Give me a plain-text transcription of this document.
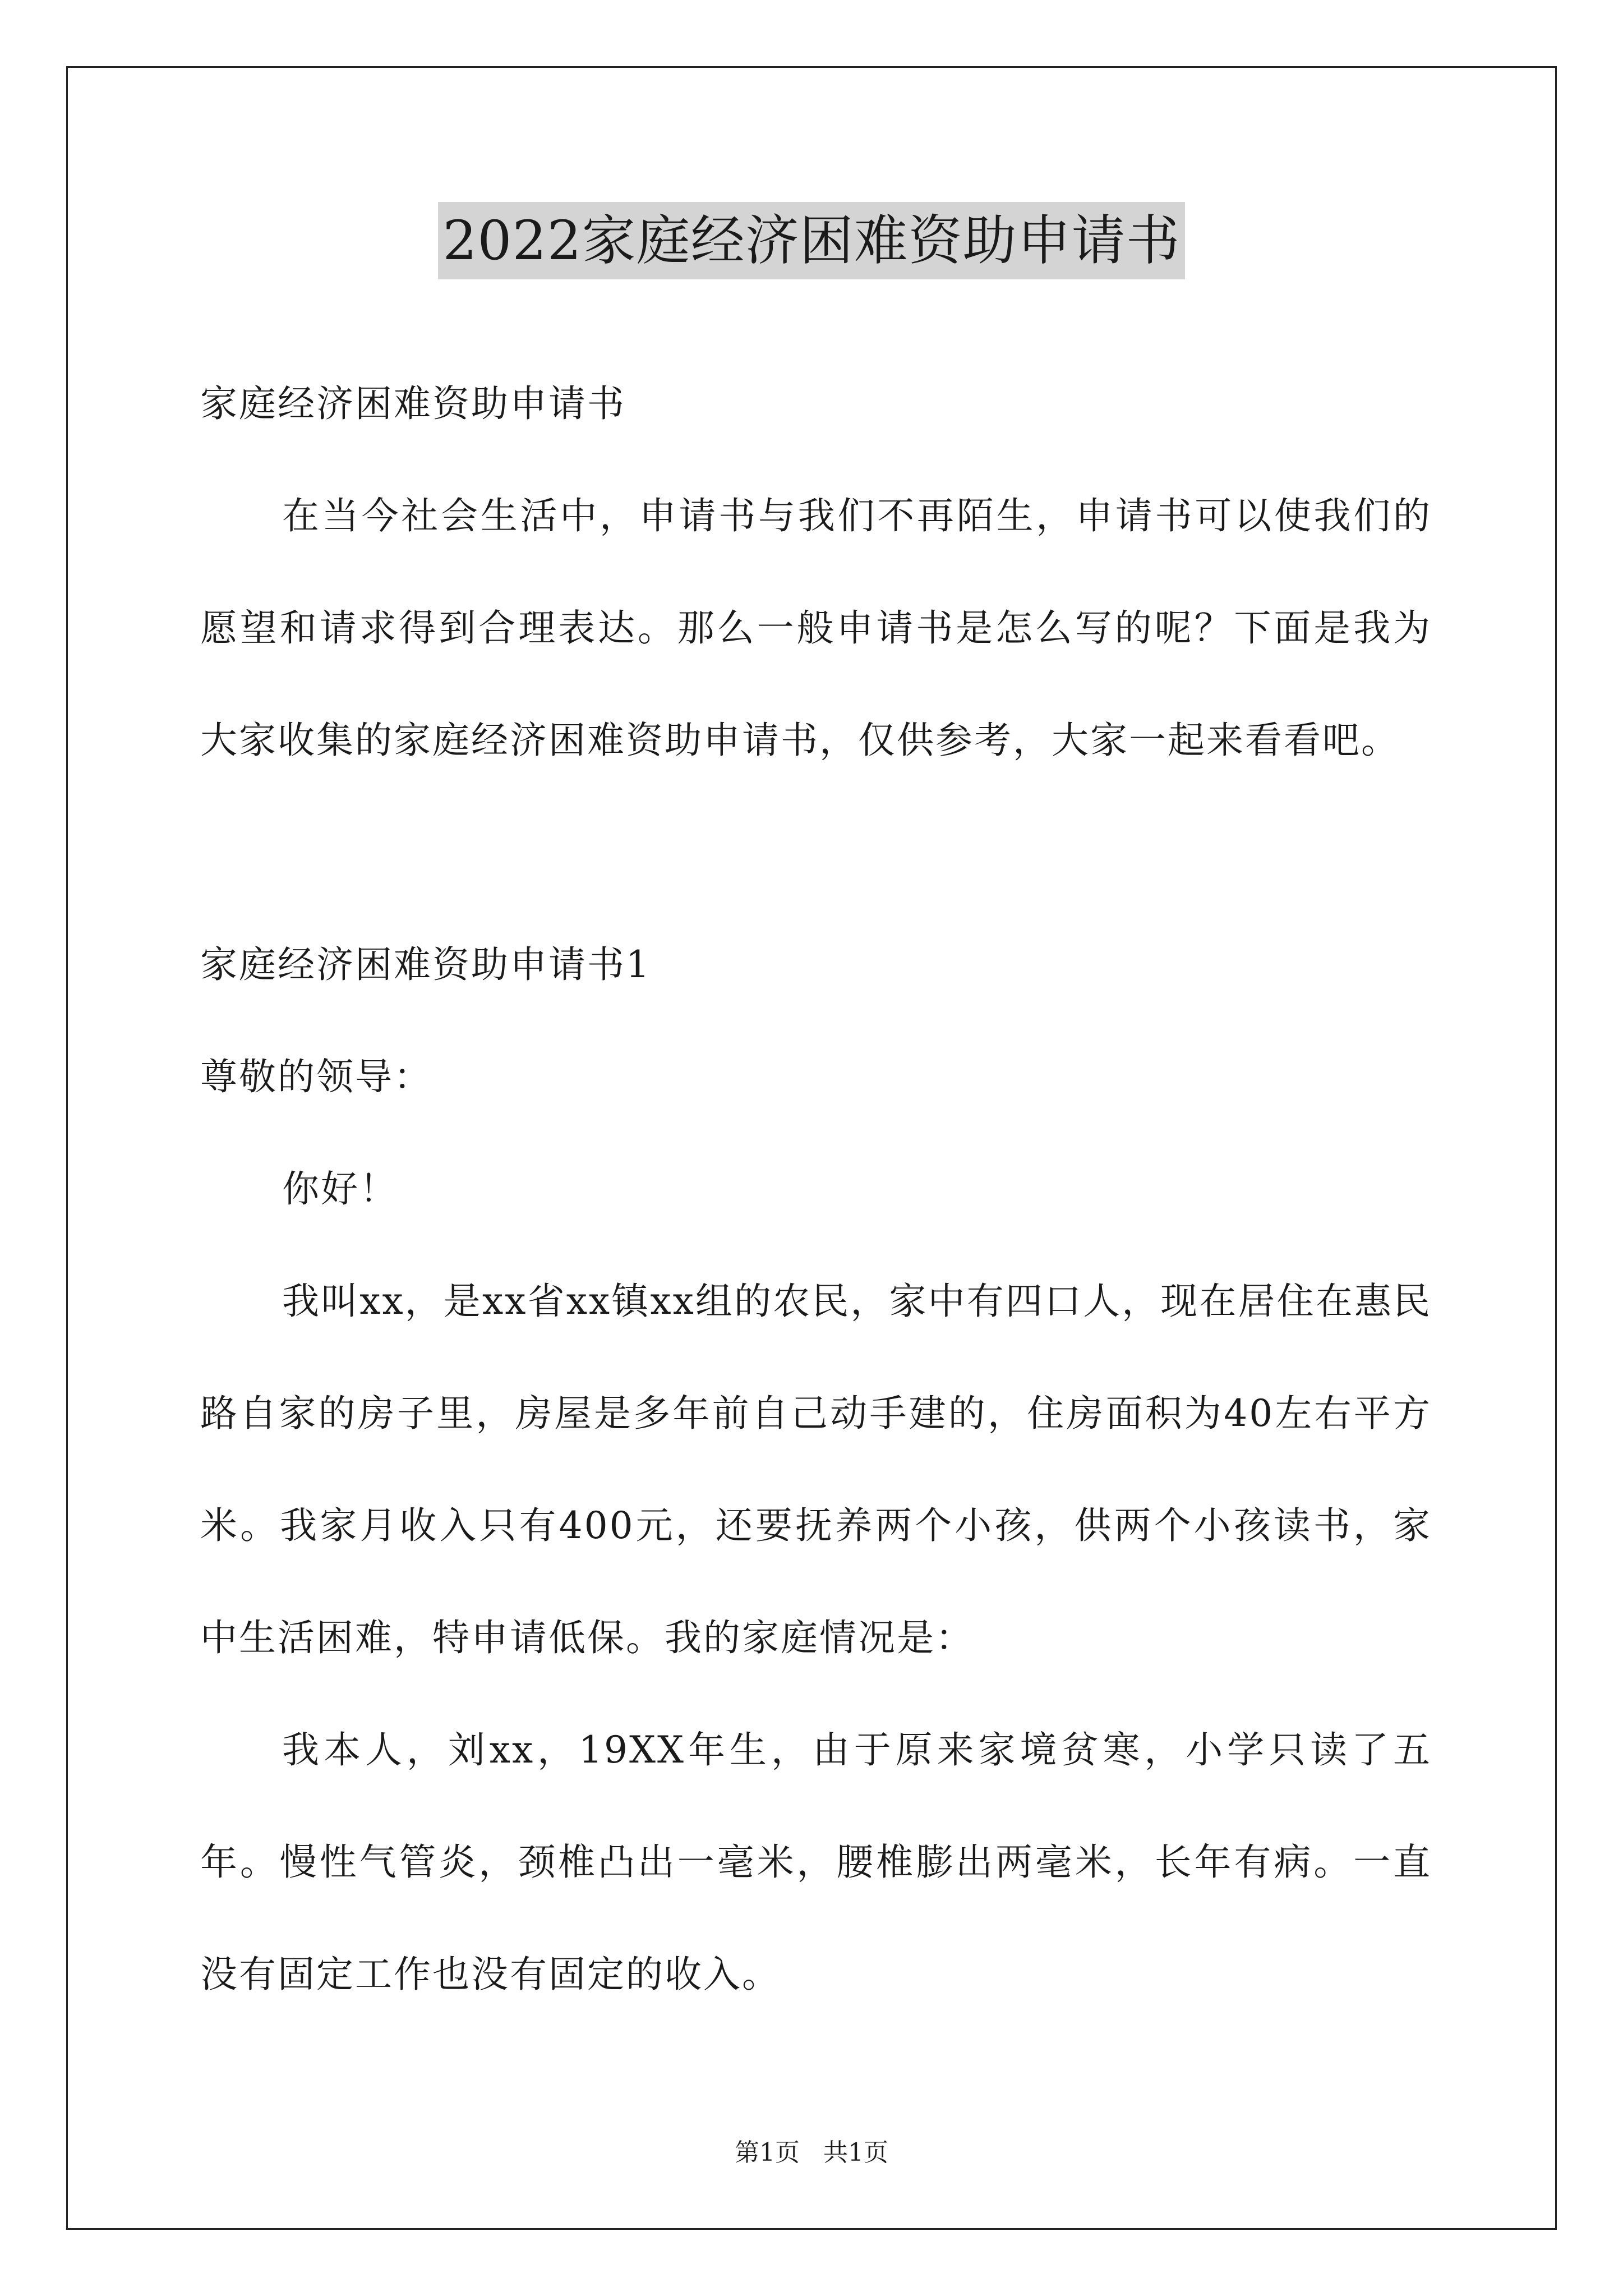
2022家庭经济困难资助申请书

家庭经济困难资助申请书

在当今社会生活中，申请书与我们不再陌生，申请书可以使我们的愿望和请求得到合理表达。那么一般申请书是怎么写的呢？下面是我为大家收集的家庭经济困难资助申请书，仅供参考，大家一起来看看吧。

家庭经济困难资助申请书1

尊敬的领导：

你好！

我叫xx，是xx省xx镇xx组的农民，家中有四口人，现在居住在惠民路自家的房子里，房屋是多年前自己动手建的，住房面积为40左右平方米。我家月收入只有400元，还要抚养两个小孩，供两个小孩读书，家中生活困难，特申请低保。我的家庭情况是：

我本人，刘xx，19XX年生，由于原来家境贫寒，小学只读了五年。慢性气管炎，颈椎凸出一毫米，腰椎膨出两毫米，长年有病。一直没有固定工作也没有固定的收入。

第1页   共1页
